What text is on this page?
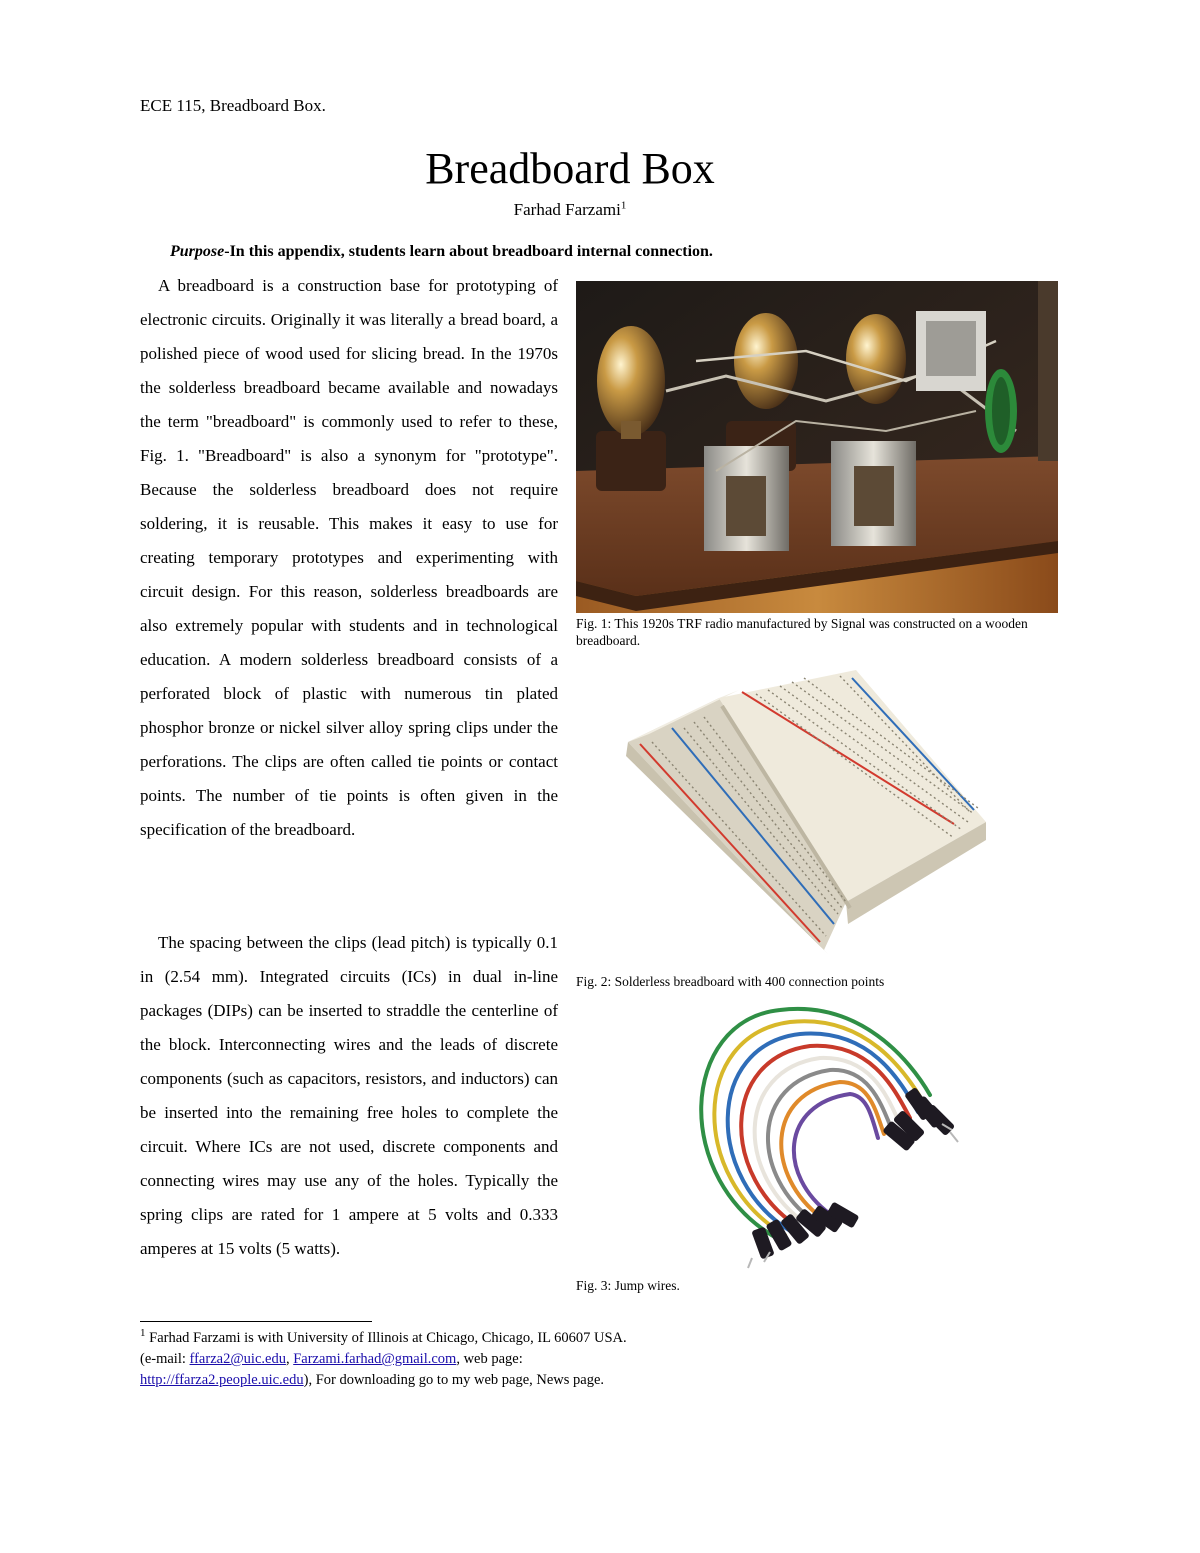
ECE 115, Breadboard Box.
Breadboard Box
Farhad Farzami$^1$
Purpose-In this appendix, students learn about breadboard internal connection.

A breadboard is a construction base for prototyping of electronic circuits. Originally it was literally a bread board, a polished piece of wood used for slicing bread. In the 1970s the solderless breadboard became available and nowadays the term "breadboard" is commonly used to refer to these, Fig. 1. "Breadboard" is also a synonym for "prototype". Because the solderless breadboard does not require soldering, it is reusable. This makes it easy to use for creating temporary prototypes and experimenting with circuit design. For this reason, solderless breadboards are also extremely popular with students and in technological education. A modern solderless breadboard consists of a perforated block of plastic with numerous tin plated phosphor bronze or nickel silver alloy spring clips under the perforations. The clips are often called tie points or contact points. The number of tie points is often given in the specification of the breadboard.

The spacing between the clips (lead pitch) is typically 0.1 in (2.54 mm). Integrated circuits (ICs) in dual in-line packages (DIPs) can be inserted to straddle the centerline of the block. Interconnecting wires and the leads of discrete components (such as capacitors, resistors, and inductors) can be inserted into the remaining free holes to complete the circuit. Where ICs are not used, discrete components and connecting wires may use any of the holes. Typically the spring clips are rated for 1 ampere at 5 volts and 0.333 amperes at 15 volts (5 watts).

Fig. 1: This 1920s TRF radio manufactured by Signal was constructed on a wooden breadboard.
Fig. 2: Solderless breadboard with 400 connection points
Fig. 3: Jump wires.
$^1$ Farhad Farzami is with University of Illinois at Chicago, Chicago, IL 60607 USA.
(e-mail: ffarza2@uic.edu, Farzami.farhad@gmail.com, web page:
http://ffarza2.people.uic.edu), For downloading go to my web page, News page.
